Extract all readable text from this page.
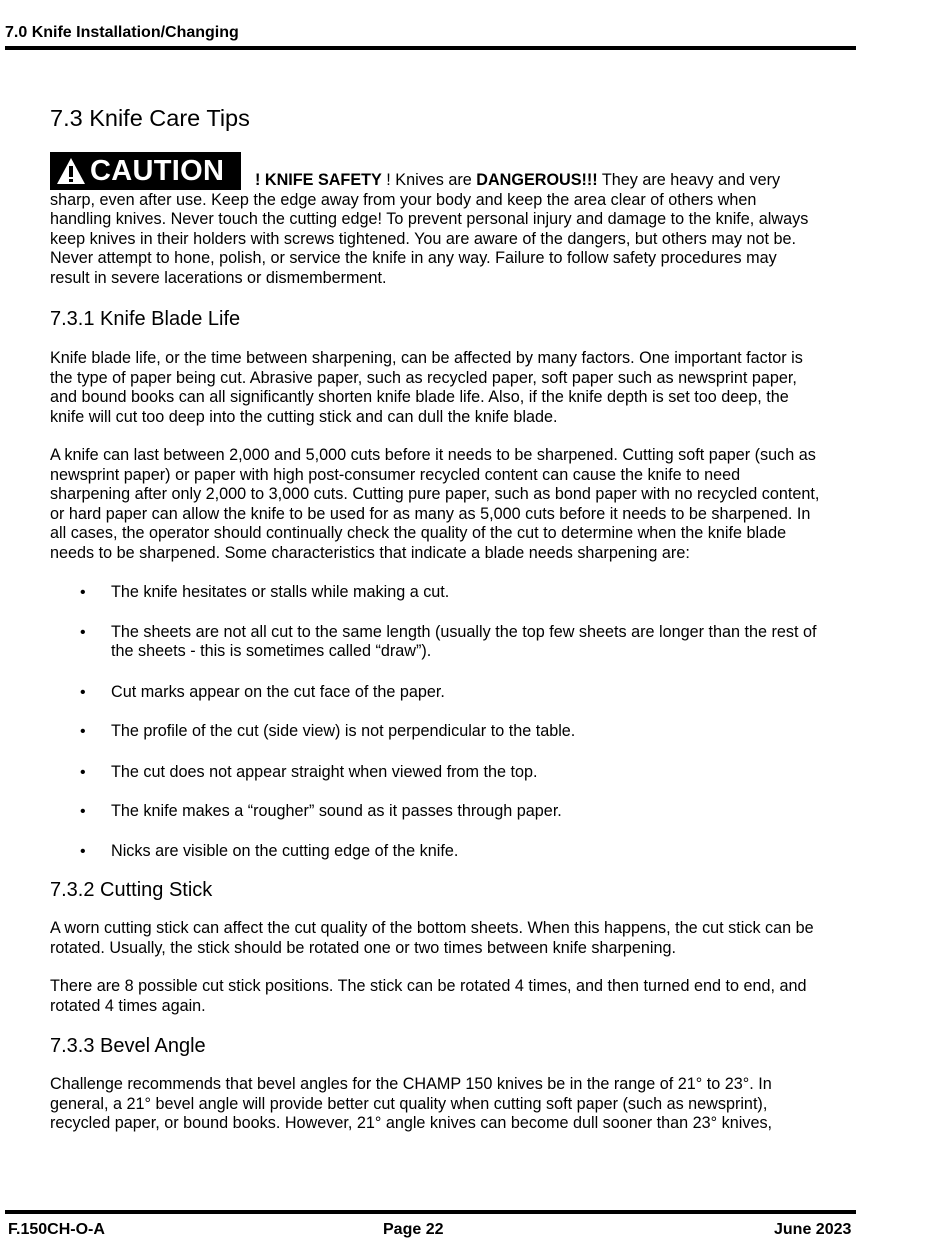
7.0 Knife Installation/Changing
7.3 Knife Care Tips
CAUTION ! KNIFE SAFETY ! Knives are DANGEROUS!!! They are heavy and very

sharp, even after use. Keep the edge away from your body and keep the area clear of others when handling knives. Never touch the cutting edge! To prevent personal injury and damage to the knife, always keep knives in their holders with screws tightened. You are aware of the dangers, but others may not be. Never attempt to hone, polish, or service the knife in any way. Failure to follow safety procedures may result in severe lacerations or dismemberment.

7.3.1 Knife Blade Life

Knife blade life, or the time between sharpening, can be affected by many factors. One important factor is the type of paper being cut. Abrasive paper, such as recycled paper, soft paper such as newsprint paper, and bound books can all significantly shorten knife blade life. Also, if the knife depth is set too deep, the knife will cut too deep into the cutting stick and can dull the knife blade.

A knife can last between 2,000 and 5,000 cuts before it needs to be sharpened. Cutting soft paper (such as newsprint paper) or paper with high post-consumer recycled content can cause the knife to need sharpening after only 2,000 to 3,000 cuts. Cutting pure paper, such as bond paper with no recycled content, or hard paper can allow the knife to be used for as many as 5,000 cuts before it needs to be sharpened. In all cases, the operator should continually check the quality of the cut to determine when the knife blade needs to be sharpened. Some characteristics that indicate a blade needs sharpening are:

• The knife hesitates or stalls while making a cut.
• The sheets are not all cut to the same length (usually the top few sheets are longer than the rest of the sheets - this is sometimes called “draw”).
• Cut marks appear on the cut face of the paper.
• The profile of the cut (side view) is not perpendicular to the table.
• The cut does not appear straight when viewed from the top.
• The knife makes a “rougher” sound as it passes through paper.
• Nicks are visible on the cutting edge of the knife.
7.3.2 Cutting Stick

A worn cutting stick can affect the cut quality of the bottom sheets. When this happens, the cut stick can be rotated. Usually, the stick should be rotated one or two times between knife sharpening.

There are 8 possible cut stick positions. The stick can be rotated 4 times, and then turned end to end, and rotated 4 times again.

7.3.3 Bevel Angle

Challenge recommends that bevel angles for the CHAMP 150 knives be in the range of 21° to 23°. In general, a 21° bevel angle will provide better cut quality when cutting soft paper (such as newsprint), recycled paper, or bound books. However, 21° angle knives can become dull sooner than 23° knives,

F.150CH-O-A	Page 22	June 2023
